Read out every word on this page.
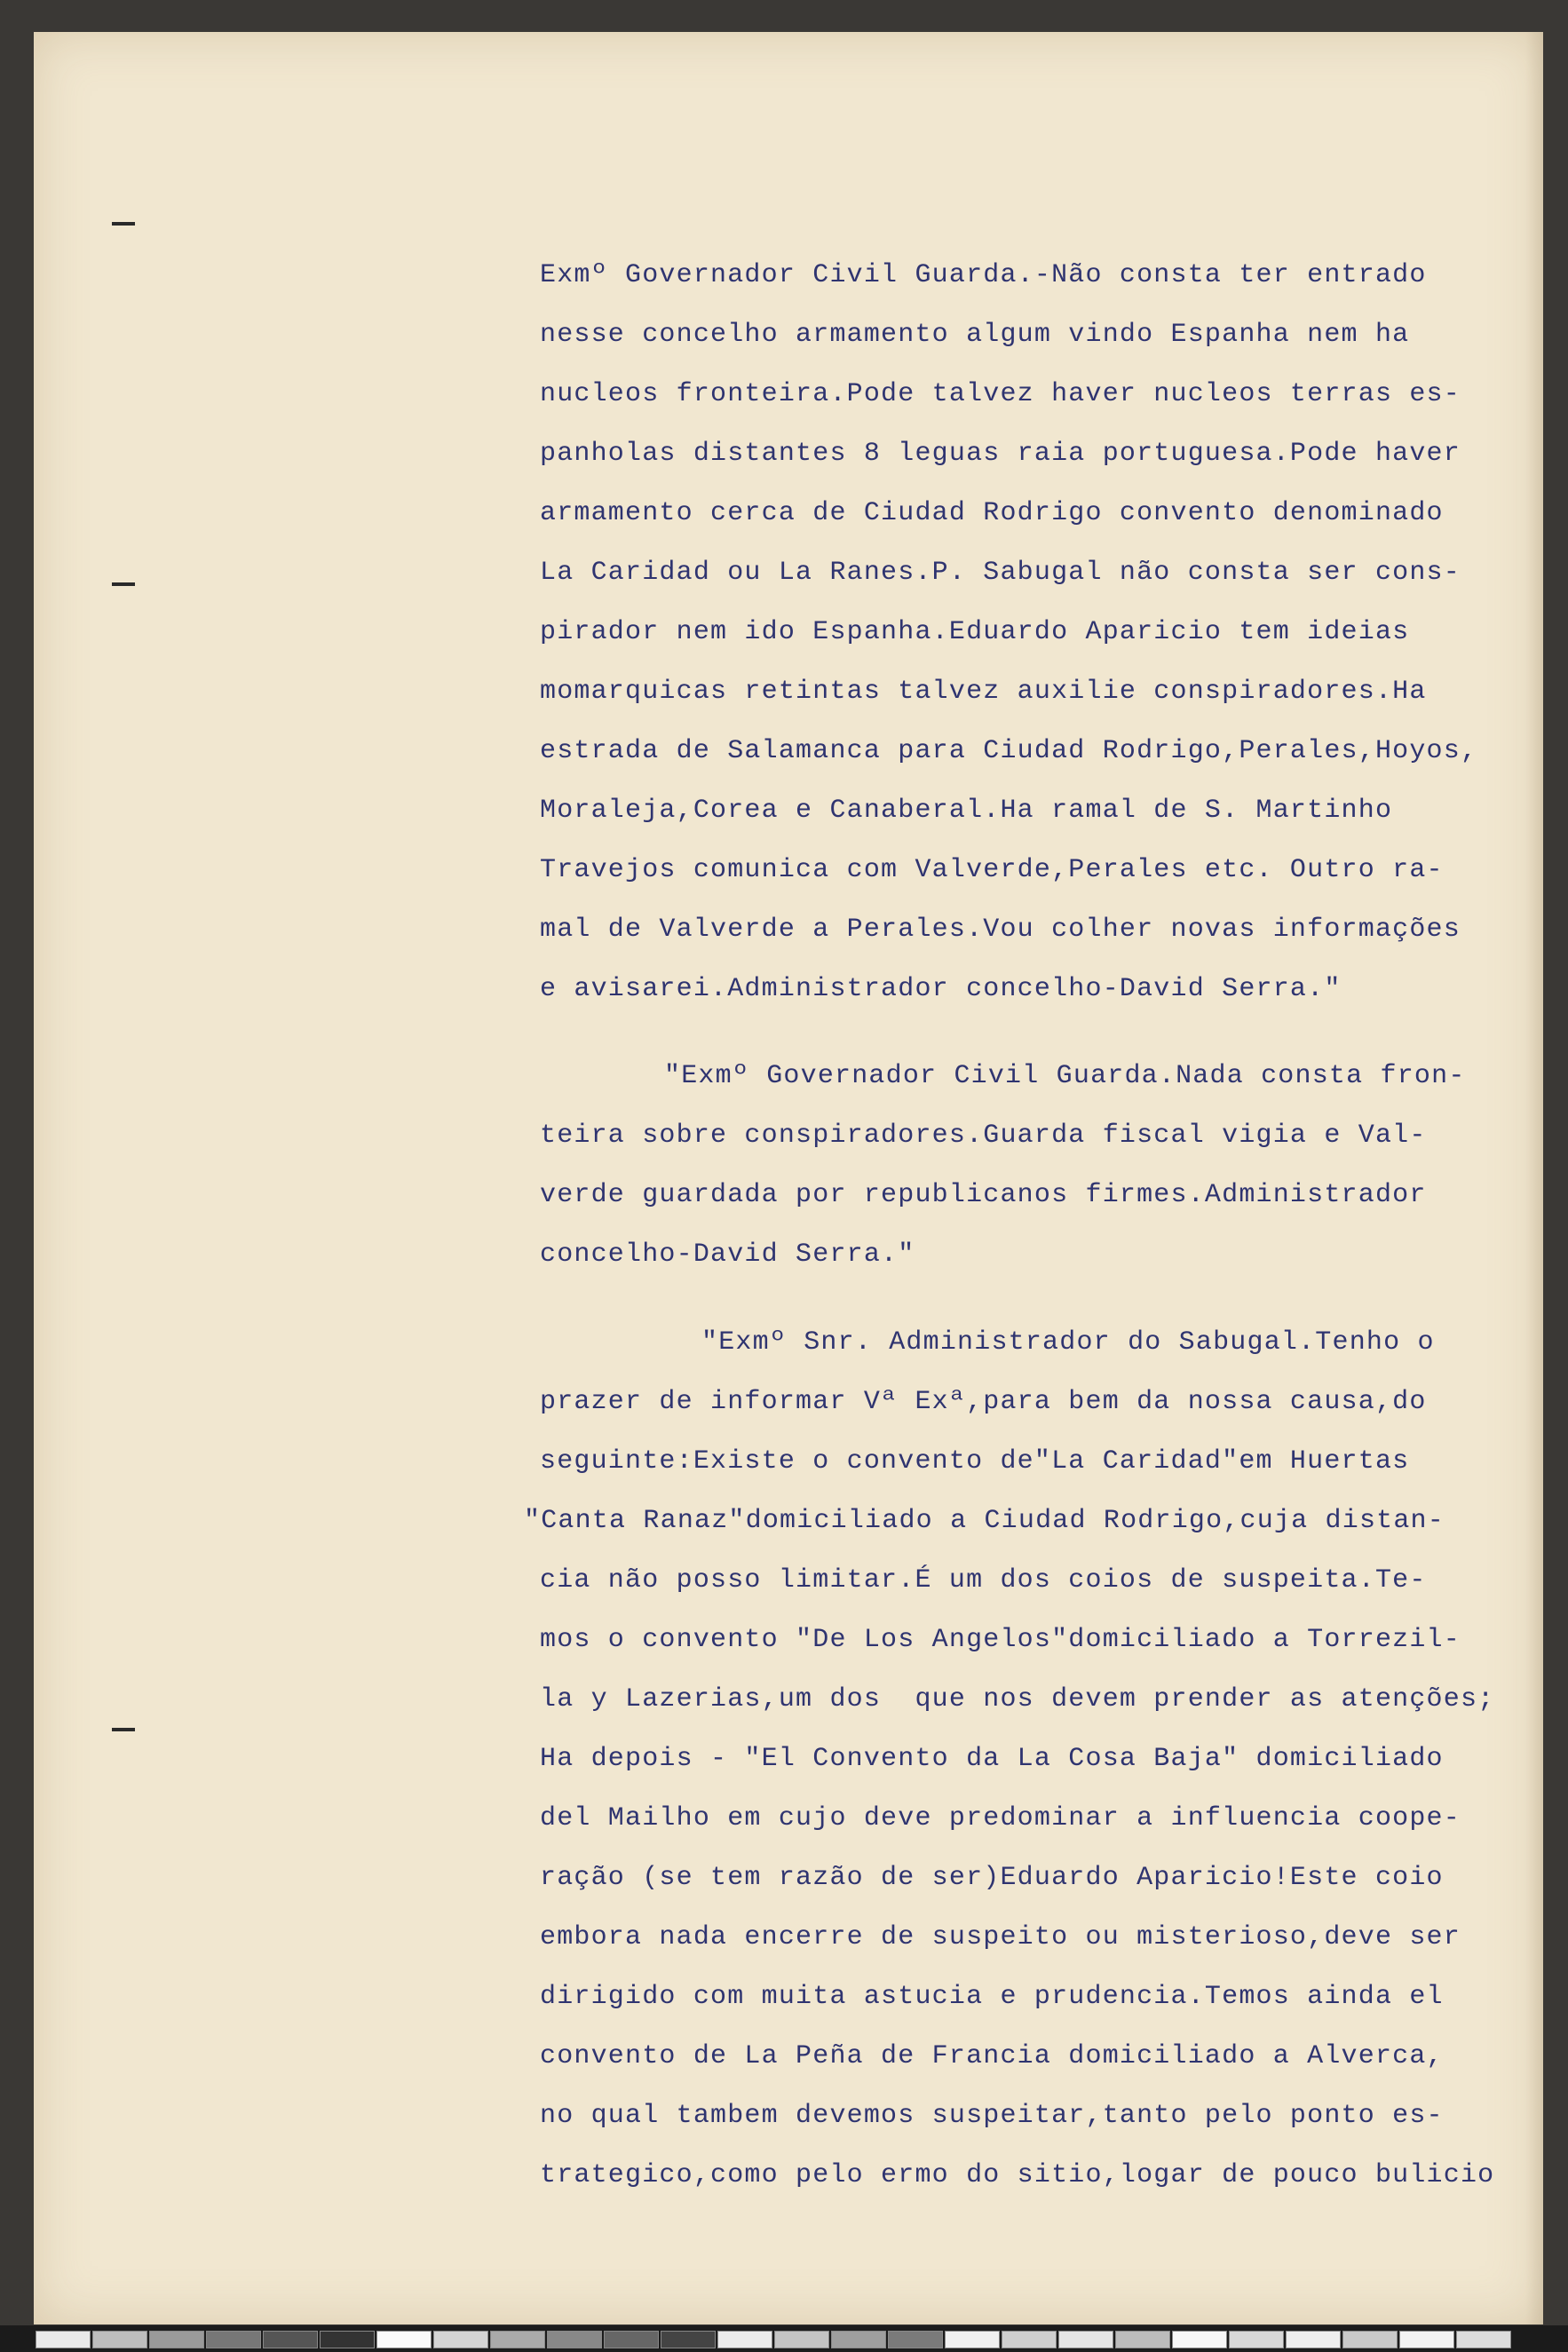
Exmº Governador Civil Guarda.-Não consta ter entrado
nesse concelho armamento algum vindo Espanha nem ha
nucleos fronteira.Pode talvez haver nucleos terras es-
panholas distantes 8 leguas raia portuguesa.Pode haver
armamento cerca de Ciudad Rodrigo convento denominado
La Caridad ou La Ranes.P. Sabugal não consta ser cons-
pirador nem ido Espanha.Eduardo Aparicio tem ideias
momarquicas retintas talvez auxilie conspiradores.Ha
estrada de Salamanca para Ciudad Rodrigo,Perales,Hoyos,
Moraleja,Corea e Canaberal.Ha ramal de S. Martinho
Travejos comunica com Valverde,Perales etc. Outro ra-
mal de Valverde a Perales.Vou colher novas informações
e avisarei.Administrador concelho-David Serra."
"Exmº Governador Civil Guarda.Nada consta fron-
teira sobre conspiradores.Guarda fiscal vigia e Val-
verde guardada por republicanos firmes.Administrador
concelho-David Serra."
"Exmº Snr. Administrador do Sabugal.Tenho o
prazer de informar Vª Exª,para bem da nossa causa,do
seguinte:Existe o convento de"La Caridad"em Huertas
"Canta Ranaz"domiciliado a Ciudad Rodrigo,cuja distan-
cia não posso limitar.É um dos coios de suspeita.Te-
mos o convento "De Los Angelos"domiciliado a Torrezil-
la y Lazerias,um dos  que nos devem prender as atenções;
Ha depois - "El Convento da La Cosa Baja" domiciliado
del Mailho em cujo deve predominar a influencia coope-
ração (se tem razão de ser)Eduardo Aparicio!Este coio
embora nada encerre de suspeito ou misterioso,deve ser
dirigido com muita astucia e prudencia.Temos ainda el
convento de La Peña de Francia domiciliado a Alverca,
no qual tambem devemos suspeitar,tanto pelo ponto es-
trategico,como pelo ermo do sitio,logar de pouco bulicio
